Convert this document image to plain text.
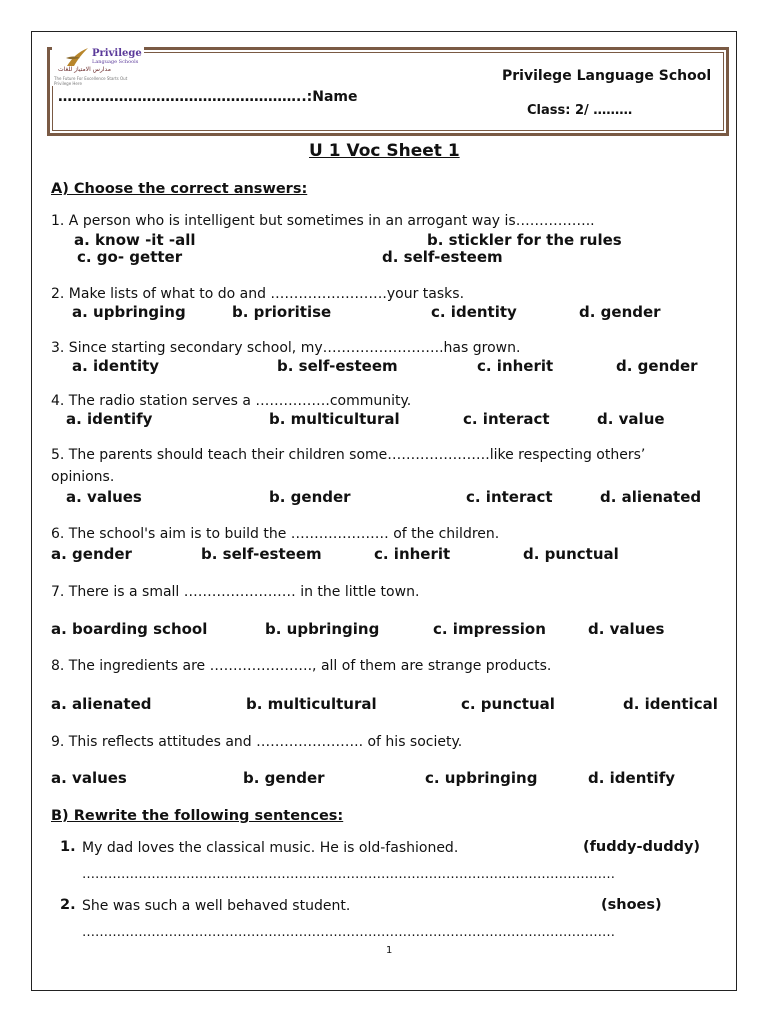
Privilege
Language Schools
مدارس الامتياز للغات
The Future For Excellence Starts Out Privilege Here
……………………………………………..:Name
Privilege Language School
Class: 2/ ………
U 1 Voc Sheet 1
A) Choose the correct answers:
1. A person who is intelligent but sometimes in an arrogant way is……………..
a. know -it -all	b. stickler for the rules
c. go- getter	d. self-esteem
2. Make lists of what to do and …………………….your tasks.
a. upbringing	b. prioritise	c. identity	d. gender
3. Since starting secondary school, my……………………..has grown.
a. identity	b. self-esteem	c. inherit	d. gender
4. The radio station serves a …………….community.
a. identify	b. multicultural	c. interact	d. value
5. The parents should teach their children some………………….like respecting others’
opinions.
a. values	b. gender	c. interact	d. alienated
6. The school's aim is to build the ………………… of the children.
a. gender	b. self-esteem	c. inherit	d. punctual
7. There is a small …………………… in the little town.
a. boarding school	b. upbringing	c. impression	d. values
8. The ingredients are …………………., all of them are strange products.
a. alienated	b. multicultural	c. punctual	d. identical
9. This reflects attitudes and ………………….. of his society.
a. values	b. gender	c. upbringing	d. identify
B) Rewrite the following sentences:
1. My dad loves the classical music. He is old-fashioned.	(fuddy-duddy)
……………………………………………………………………………………………………………
2. She was such a well behaved student.	(shoes)
……………………………………………………………………………………………………………
1
